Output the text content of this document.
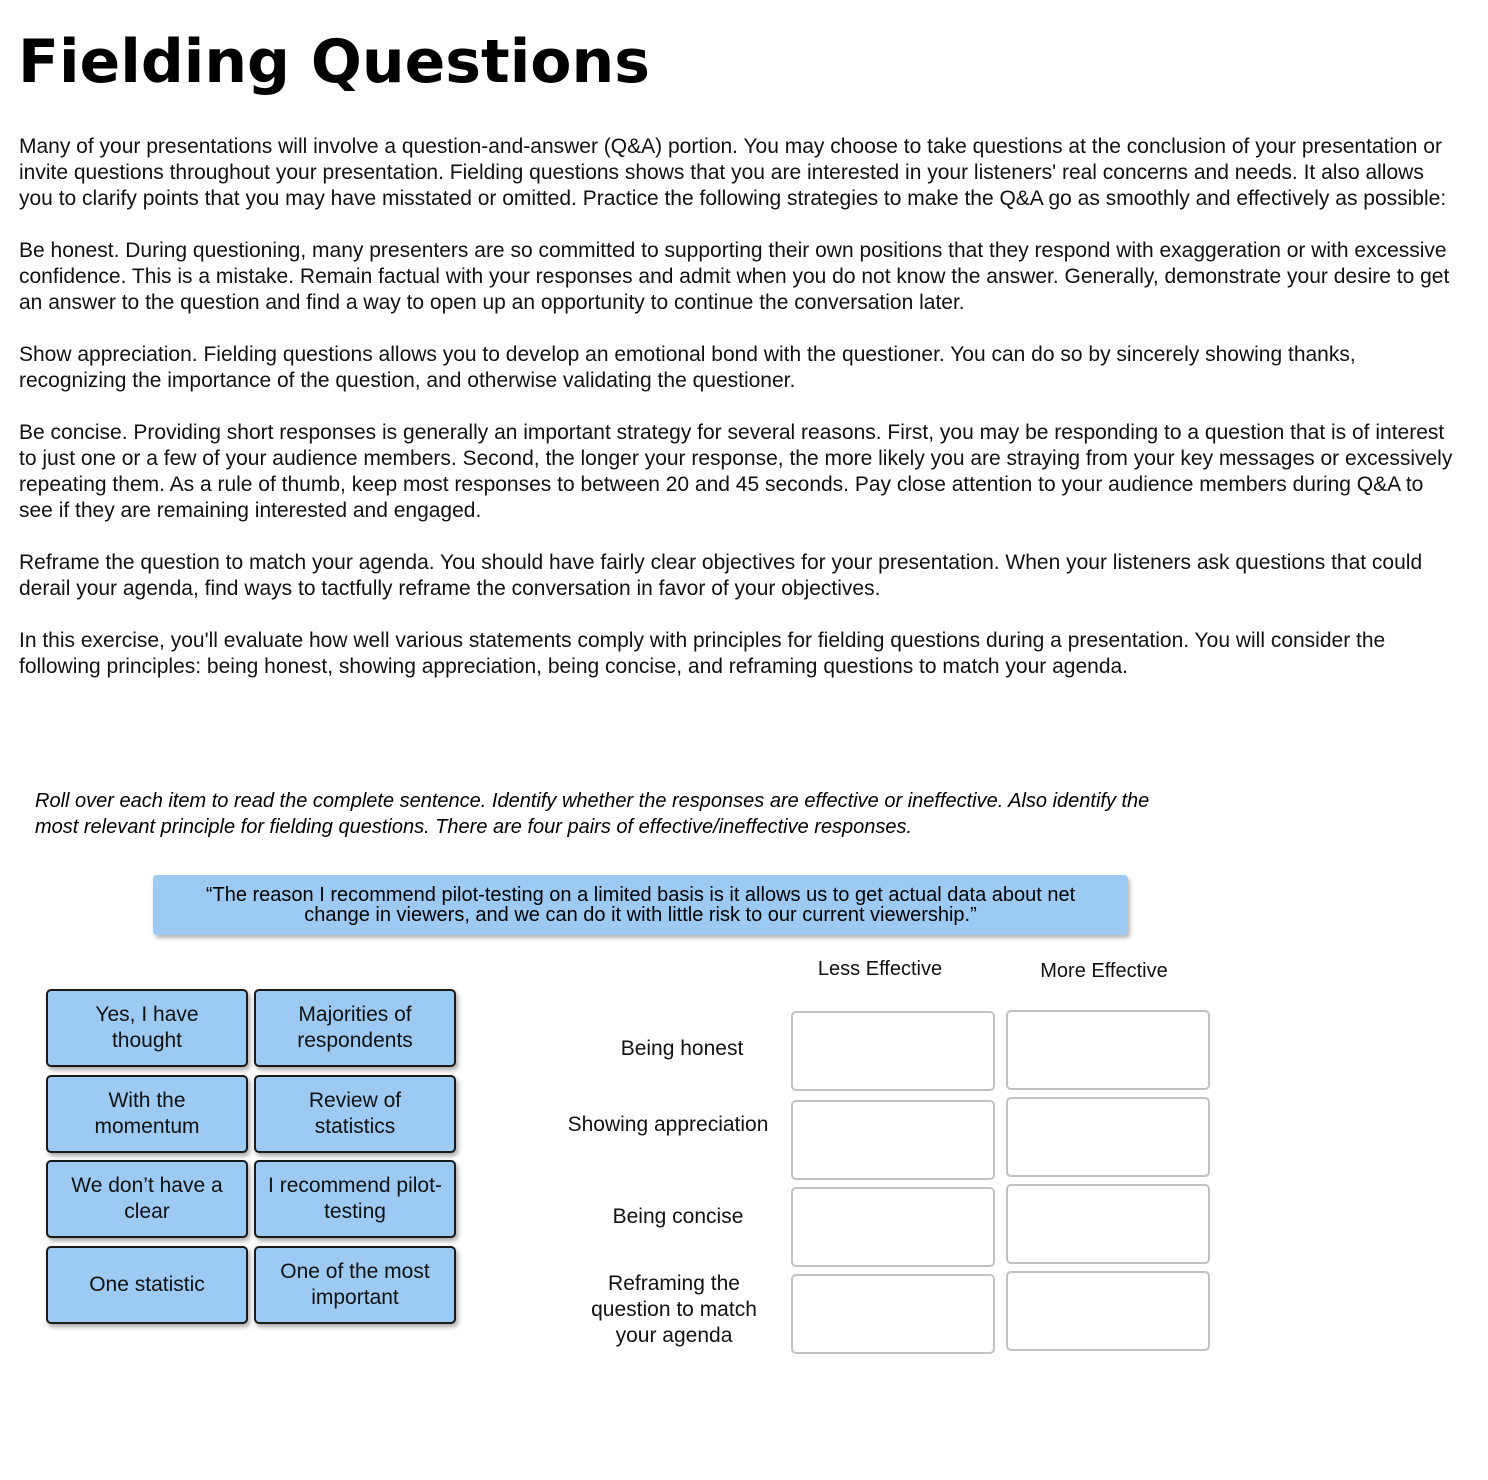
Fielding Questions

Many of your presentations will involve a question-and-answer (Q&A) portion. You may choose to take questions at the conclusion of your presentation or invite questions throughout your presentation. Fielding questions shows that you are interested in your listeners' real concerns and needs. It also allows you to clarify points that you may have misstated or omitted. Practice the following strategies to make the Q&A go as smoothly and effectively as possible:

Be honest. During questioning, many presenters are so committed to supporting their own positions that they respond with exaggeration or with excessive confidence. This is a mistake. Remain factual with your responses and admit when you do not know the answer. Generally, demonstrate your desire to get an answer to the question and find a way to open up an opportunity to continue the conversation later.

Show appreciation. Fielding questions allows you to develop an emotional bond with the questioner. You can do so by sincerely showing thanks, recognizing the importance of the question, and otherwise validating the questioner.

Be concise. Providing short responses is generally an important strategy for several reasons. First, you may be responding to a question that is of interest to just one or a few of your audience members. Second, the longer your response, the more likely you are straying from your key messages or excessively repeating them. As a rule of thumb, keep most responses to between 20 and 45 seconds. Pay close attention to your audience members during Q&A to see if they are remaining interested and engaged.

Reframe the question to match your agenda. You should have fairly clear objectives for your presentation. When your listeners ask questions that could derail your agenda, find ways to tactfully reframe the conversation in favor of your objectives.

In this exercise, you'll evaluate how well various statements comply with principles for fielding questions during a presentation. You will consider the following principles: being honest, showing appreciation, being concise, and reframing questions to match your agenda.

Roll over each item to read the complete sentence. Identify whether the responses are effective or ineffective. Also identify the most relevant principle for fielding questions. There are four pairs of effective/ineffective responses.
“The reason I recommend pilot-testing on a limited basis is it allows us to get actual data about net change in viewers, and we can do it with little risk to our current viewership.”
Less Effective	More Effective
Yes, I have thought
Majorities of respondents
With the momentum
Review of statistics
We don’t have a clear
I recommend pilot-testing
One statistic
One of the most important
Being honest
Showing appreciation
Being concise
Reframing the question to match your agenda
